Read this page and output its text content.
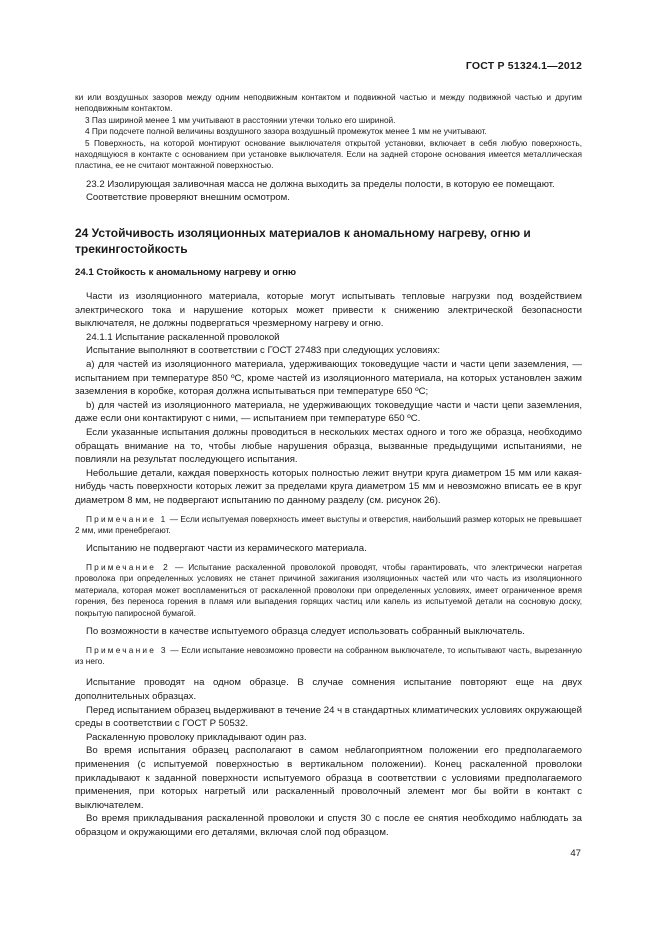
ГОСТ Р 51324.1—2012

ки или воздушных зазоров между одним неподвижным контактом и подвижной частью и между подвижной частью и другим неподвижным контактом.

3 Паз шириной менее 1 мм учитывают в расстоянии утечки только его шириной.

4 При подсчете полной величины воздушного зазора воздушный промежуток менее 1 мм не учитывают.

5 Поверхность, на которой монтируют основание выключателя открытой установки, включает в себя любую поверхность, находящуюся в контакте с основанием при установке выключателя. Если на задней стороне основания имеется металлическая пластина, ее не считают монтажной поверхностью.

23.2 Изолирующая заливочная масса не должна выходить за пределы полости, в которую ее помещают.

Соответствие проверяют внешним осмотром.

24 Устойчивость изоляционных материалов к аномальному нагреву, огню и трекингостойкость
24.1 Стойкость к аномальному нагреву и огню

Части из изоляционного материала, которые могут испытывать тепловые нагрузки под воздействием электрического тока и нарушение которых может привести к снижению электрической безопасности выключателя, не должны подвергаться чрезмерному нагреву и огню.

24.1.1 Испытание раскаленной проволокой

Испытание выполняют в соответствии с ГОСТ 27483 при следующих условиях:

a) для частей из изоляционного материала, удерживающих токоведущие части и части цепи заземления, — испытанием при температуре 850 ºС, кроме частей из изоляционного материала, на которых установлен зажим заземления в коробке, которая должна испытываться при температуре 650 ºС;

b) для частей из изоляционного материала, не удерживающих токоведущие части и части цепи заземления, даже если они контактируют с ними, — испытанием при температуре 650 ºС.

Если указанные испытания должны проводиться в нескольких местах одного и того же образца, необходимо обращать внимание на то, чтобы любые нарушения образца, вызванные предыдущими испытаниями, не повлияли на результат последующего испытания.

Небольшие детали, каждая поверхность которых полностью лежит внутри круга диаметром 15 мм или какая-нибудь часть поверхности которых лежит за пределами круга диаметром 15 мм и невозможно вписать ее в круг диаметром 8 мм, не подвергают испытанию по данному разделу (см. рисунок 26).

Примечание 1 — Если испытуемая поверхность имеет выступы и отверстия, наибольший размер которых не превышает 2 мм, ими пренебрегают.

Испытанию не подвергают части из керамического материала.

Примечание 2 — Испытание раскаленной проволокой проводят, чтобы гарантировать, что электрически нагретая проволока при определенных условиях не станет причиной зажигания изоляционных частей или что часть из изоляционного материала, которая может воспламениться от раскаленной проволоки при определенных условиях, имеет ограниченное время горения, без переноса горения в пламя или выпадения горящих частиц или капель из испытуемой детали на сосновую доску, покрытую папиросной бумагой.

По возможности в качестве испытуемого образца следует использовать собранный выключатель.

Примечание 3 — Если испытание невозможно провести на собранном выключателе, то испытывают часть, вырезанную из него.

Испытание проводят на одном образце. В случае сомнения испытание повторяют еще на двух дополнительных образцах.

Перед испытанием образец выдерживают в течение 24 ч в стандартных климатических условиях окружающей среды в соответствии с ГОСТ Р 50532.

Раскаленную проволоку прикладывают один раз.

Во время испытания образец располагают в самом неблагоприятном положении его предполагаемого применения (с испытуемой поверхностью в вертикальном положении). Конец раскаленной проволоки прикладывают к заданной поверхности испытуемого образца в соответствии с условиями предполагаемого применения, при которых нагретый или раскаленный проволочный элемент мог бы войти в контакт с выключателем.

Во время прикладывания раскаленной проволоки и спустя 30 с после ее снятия необходимо наблюдать за образцом и окружающими его деталями, включая слой под образцом.

47
